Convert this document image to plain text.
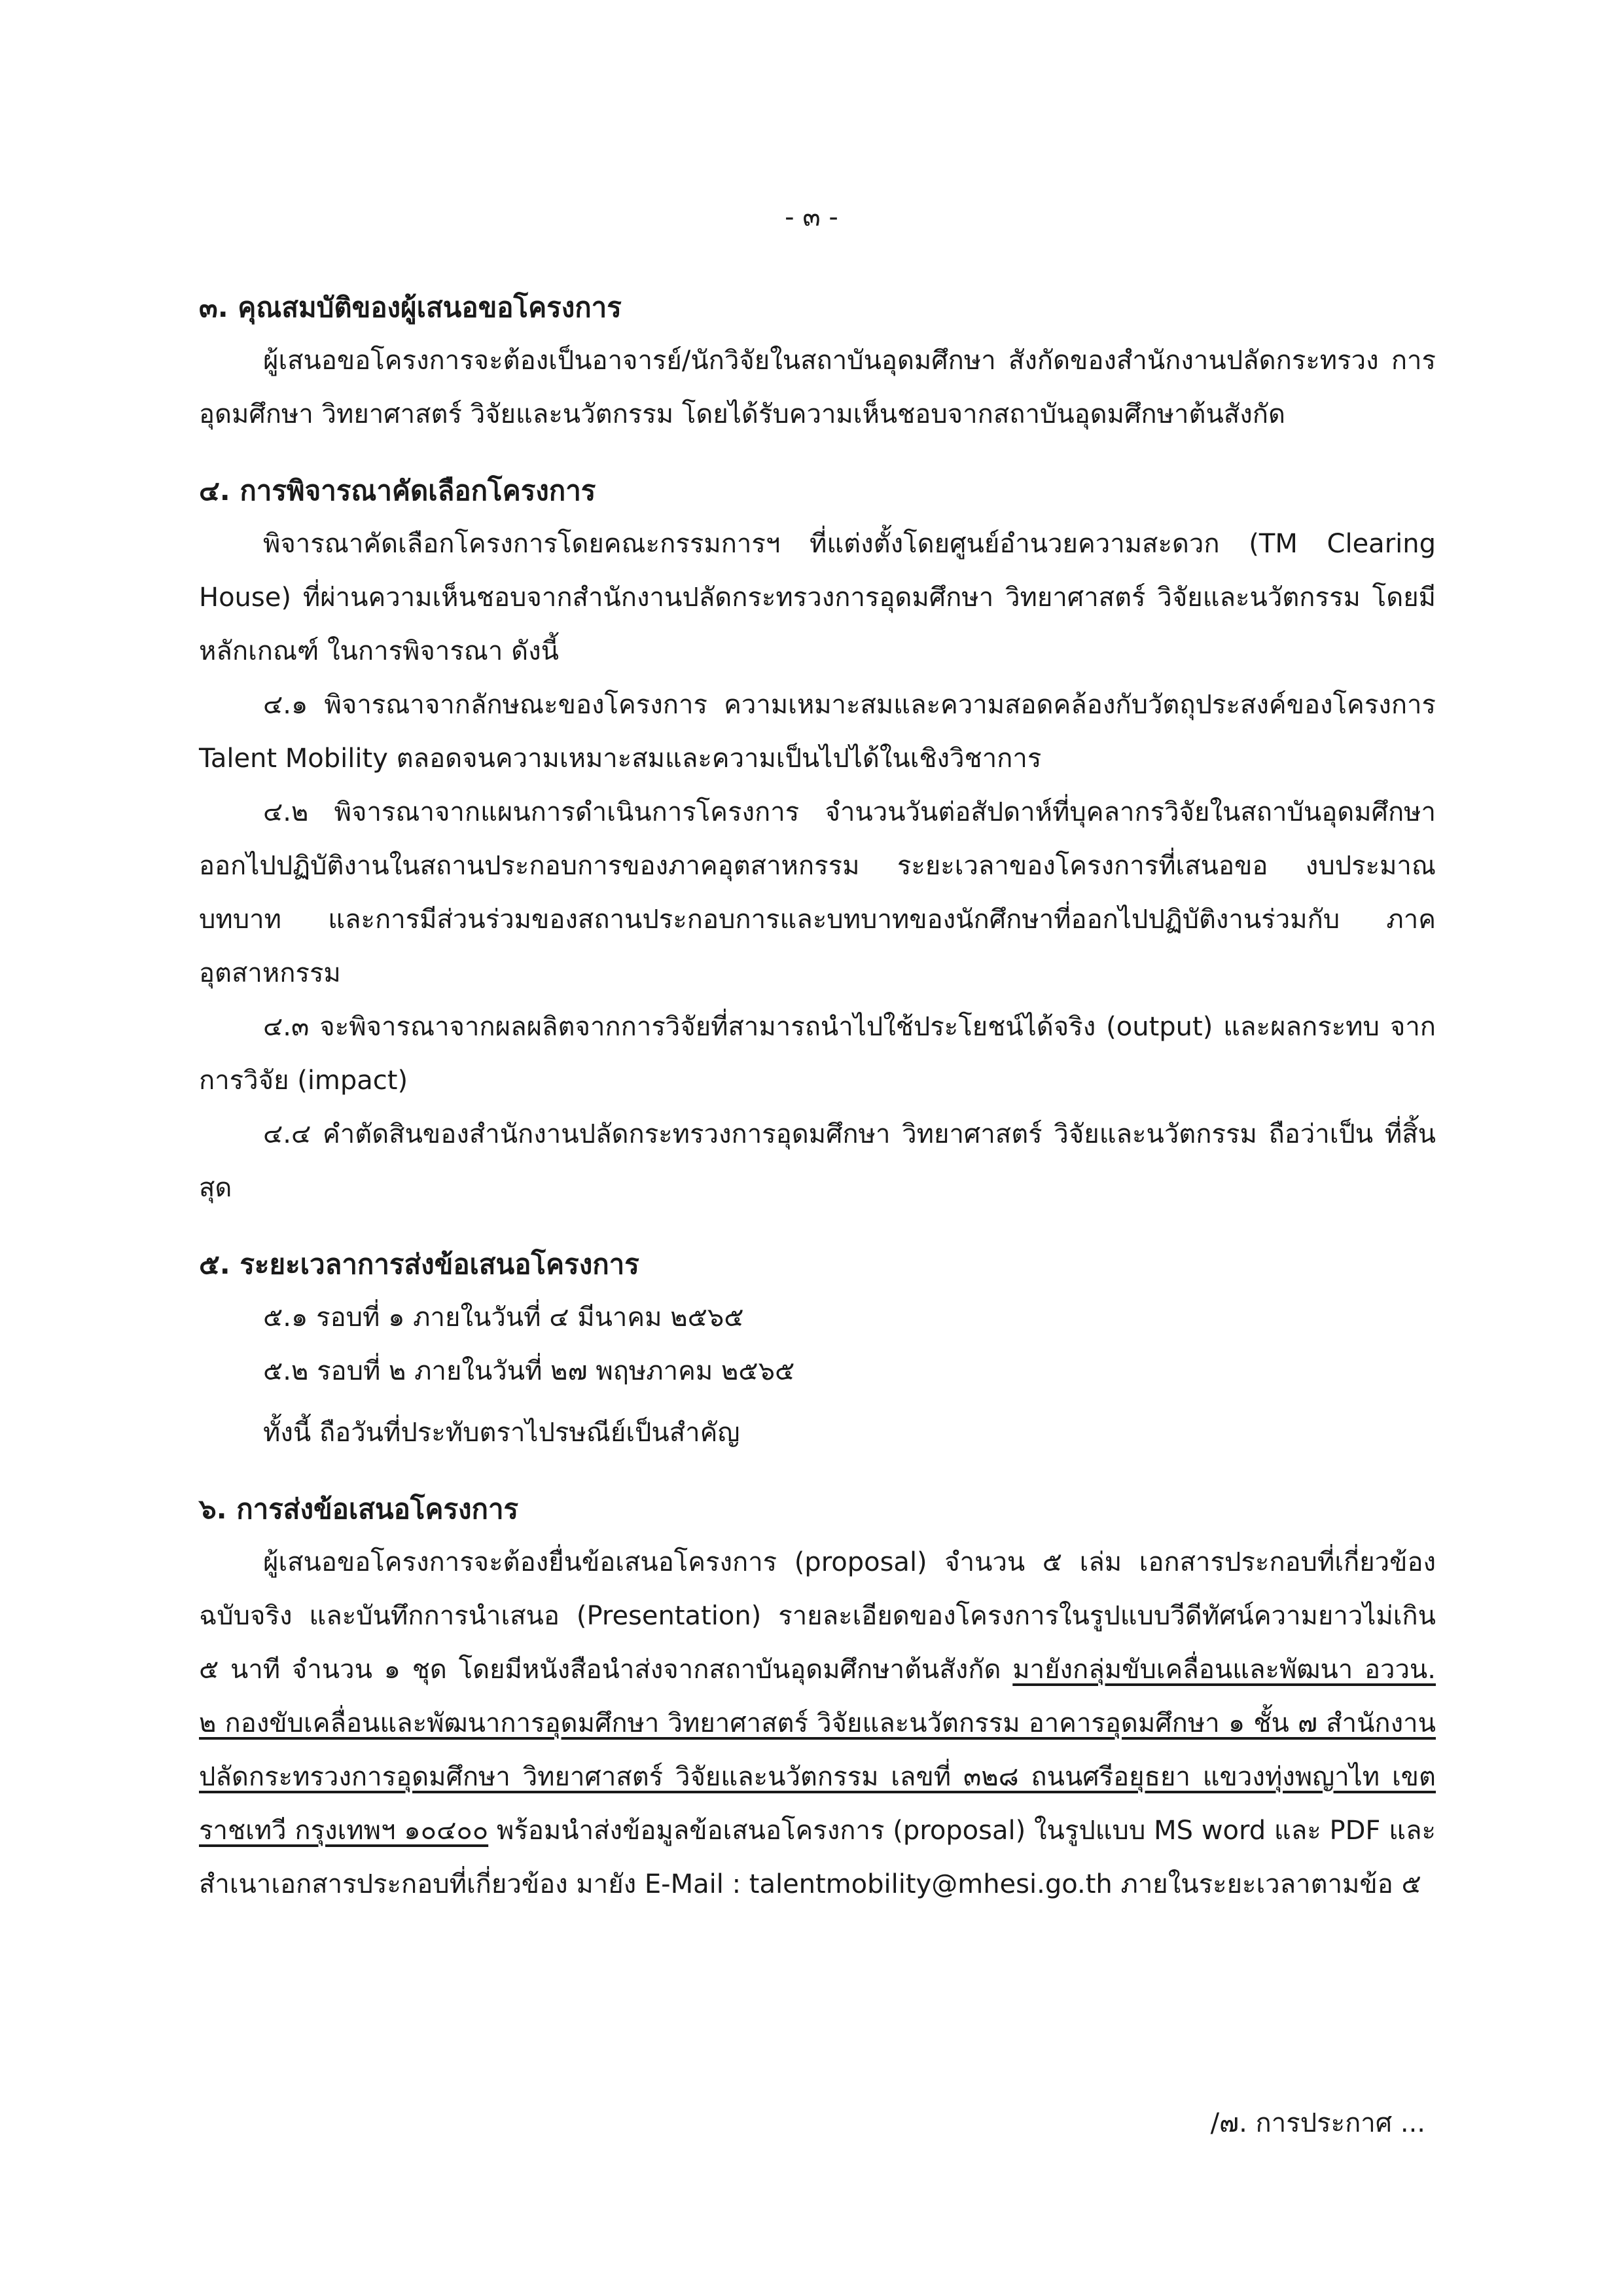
- ๓ -

๓. คุณสมบัติของผู้เสนอขอโครงการ

ผู้เสนอขอโครงการจะต้องเป็นอาจารย์/นักวิจัยในสถาบันอุดมศึกษา สังกัดของสำนักงานปลัดกระทรวง การอุดมศึกษา วิทยาศาสตร์ วิจัยและนวัตกรรม โดยได้รับความเห็นชอบจากสถาบันอุดมศึกษาต้นสังกัด

๔. การพิจารณาคัดเลือกโครงการ

พิจารณาคัดเลือกโครงการโดยคณะกรรมการฯ ที่แต่งตั้งโดยศูนย์อำนวยความสะดวก (TM Clearing House) ที่ผ่านความเห็นชอบจากสำนักงานปลัดกระทรวงการอุดมศึกษา วิทยาศาสตร์ วิจัยและนวัตกรรม โดยมีหลักเกณฑ์ ในการพิจารณา ดังนี้

๔.๑ พิจารณาจากลักษณะของโครงการ ความเหมาะสมและความสอดคล้องกับวัตถุประสงค์ของโครงการ Talent Mobility ตลอดจนความเหมาะสมและความเป็นไปได้ในเชิงวิชาการ

๔.๒ พิจารณาจากแผนการดำเนินการโครงการ จำนวนวันต่อสัปดาห์ที่บุคลากรวิจัยในสถาบันอุดมศึกษา ออกไปปฏิบัติงานในสถานประกอบการของภาคอุตสาหกรรม ระยะเวลาของโครงการที่เสนอขอ งบประมาณ บทบาท และการมีส่วนร่วมของสถานประกอบการและบทบาทของนักศึกษาที่ออกไปปฏิบัติงานร่วมกับ ภาคอุตสาหกรรม

๔.๓ จะพิจารณาจากผลผลิตจากการวิจัยที่สามารถนำไปใช้ประโยชน์ได้จริง (output) และผลกระทบ จากการวิจัย (impact)

๔.๔ คำตัดสินของสำนักงานปลัดกระทรวงการอุดมศึกษา วิทยาศาสตร์ วิจัยและนวัตกรรม ถือว่าเป็น ที่สิ้นสุด

๕. ระยะเวลาการส่งข้อเสนอโครงการ

๕.๑ รอบที่ ๑ ภายในวันที่ ๔ มีนาคม ๒๕๖๕

๕.๒ รอบที่ ๒ ภายในวันที่ ๒๗ พฤษภาคม ๒๕๖๕

ทั้งนี้ ถือวันที่ประทับตราไปรษณีย์เป็นสำคัญ

๖. การส่งข้อเสนอโครงการ

ผู้เสนอขอโครงการจะต้องยื่นข้อเสนอโครงการ (proposal) จำนวน ๕ เล่ม เอกสารประกอบที่เกี่ยวข้อง ฉบับจริง และบันทึกการนำเสนอ (Presentation) รายละเอียดของโครงการในรูปแบบวีดีทัศน์ความยาวไม่เกิน ๕ นาที จำนวน ๑ ชุด โดยมีหนังสือนำส่งจากสถาบันอุดมศึกษาต้นสังกัด มายังกลุ่มขับเคลื่อนและพัฒนา อววน. ๒ กองขับเคลื่อนและพัฒนาการอุดมศึกษา วิทยาศาสตร์ วิจัยและนวัตกรรม อาคารอุดมศึกษา ๑ ชั้น ๗ สำนักงาน ปลัดกระทรวงการอุดมศึกษา วิทยาศาสตร์ วิจัยและนวัตกรรม เลขที่ ๓๒๘ ถนนศรีอยุธยา แขวงทุ่งพญาไท เขตราชเทวี กรุงเทพฯ ๑๐๔๐๐ พร้อมนำส่งข้อมูลข้อเสนอโครงการ (proposal) ในรูปแบบ MS word และ PDF และสำเนาเอกสารประกอบที่เกี่ยวข้อง มายัง E-Mail : talentmobility@mhesi.go.th ภายในระยะเวลาตามข้อ ๕

/๗. การประกาศ ...
